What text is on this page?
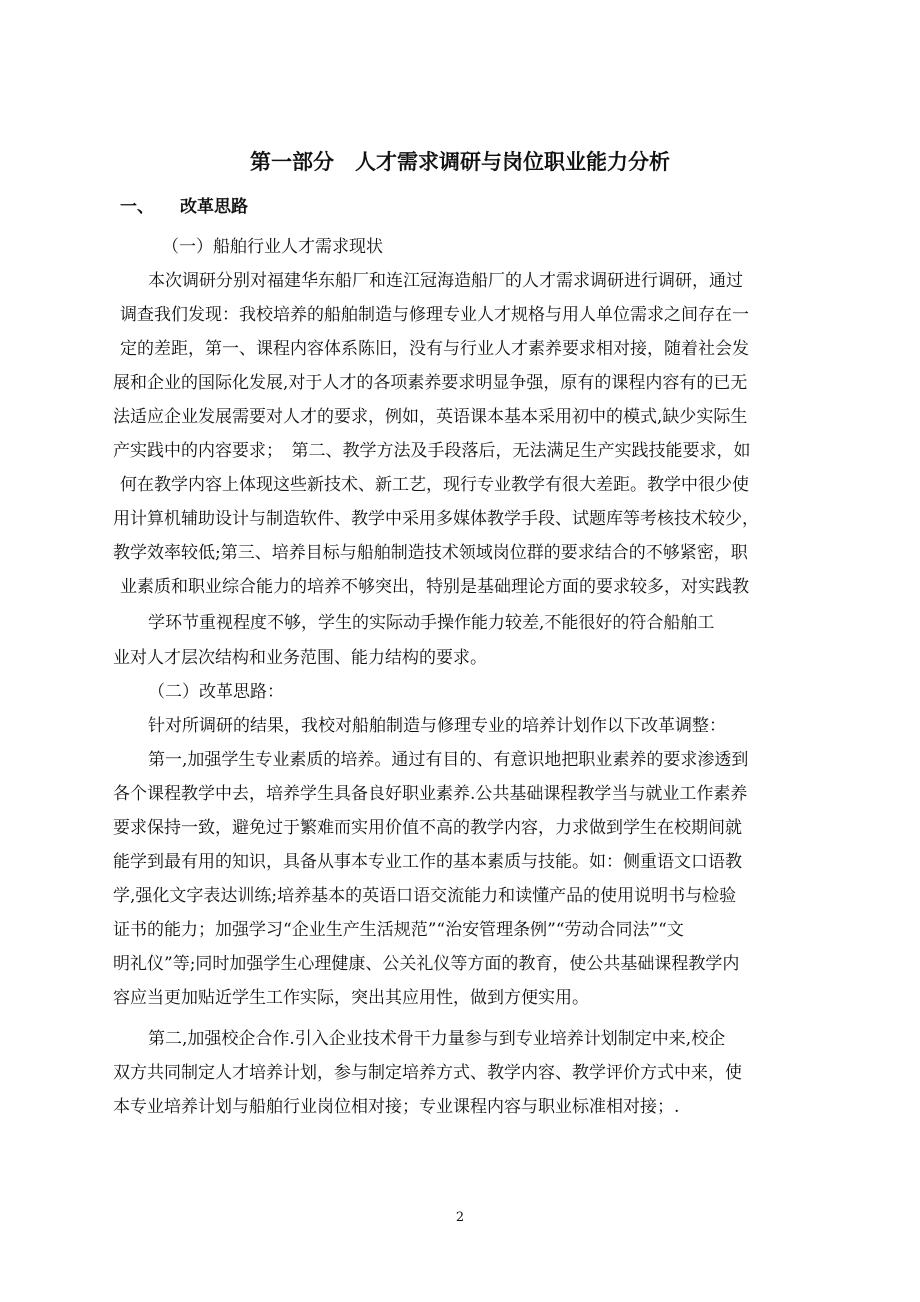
第一部分　人才需求调研与岗位职业能力分析
一、 改革思路
（一）船舶行业人才需求现状
本次调研分别对福建华东船厂和连江冠海造船厂的人才需求调研进行调研，通过
调查我们发现：我校培养的船舶制造与修理专业人才规格与用人单位需求之间存在一
定的差距，第一、课程内容体系陈旧，没有与行业人才素养要求相对接，随着社会发
展和企业的国际化发展,对于人才的各项素养要求明显争强，原有的课程内容有的已无
法适应企业发展需要对人才的要求，例如，英语课本基本采用初中的模式,缺少实际生
产实践中的内容要求；　第二、教学方法及手段落后，无法满足生产实践技能要求，如
何在教学内容上体现这些新技术、新工艺，现行专业教学有很大差距。教学中很少使
用计算机辅助设计与制造软件、教学中采用多媒体教学手段、试题库等考核技术较少，
教学效率较低;第三、培养目标与船舶制造技术领域岗位群的要求结合的不够紧密，职
业素质和职业综合能力的培养不够突出，特别是基础理论方面的要求较多，对实践教
学环节重视程度不够，学生的实际动手操作能力较差,不能很好的符合船舶工
业对人才层次结构和业务范围、能力结构的要求。
（二）改革思路：
针对所调研的结果，我校对船舶制造与修理专业的培养计划作以下改革调整：
第一,加强学生专业素质的培养。通过有目的、有意识地把职业素养的要求渗透到
各个课程教学中去，培养学生具备良好职业素养.公共基础课程教学当与就业工作素养
要求保持一致，避免过于繁难而实用价值不高的教学内容，力求做到学生在校期间就
能学到最有用的知识，具备从事本专业工作的基本素质与技能。如：侧重语文口语教
学,强化文字表达训练;培养基本的英语口语交流能力和读懂产品的使用说明书与检验
证书的能力；加强学习“企业生产生活规范”“治安管理条例”“劳动合同法”“文
明礼仪”等;同时加强学生心理健康、公关礼仪等方面的教育，使公共基础课程教学内
容应当更加贴近学生工作实际，突出其应用性，做到方便实用。
第二,加强校企合作.引入企业技术骨干力量参与到专业培养计划制定中来,校企
双方共同制定人才培养计划，参与制定培养方式、教学内容、教学评价方式中来，使
本专业培养计划与船舶行业岗位相对接；专业课程内容与职业标准相对接；.
2
